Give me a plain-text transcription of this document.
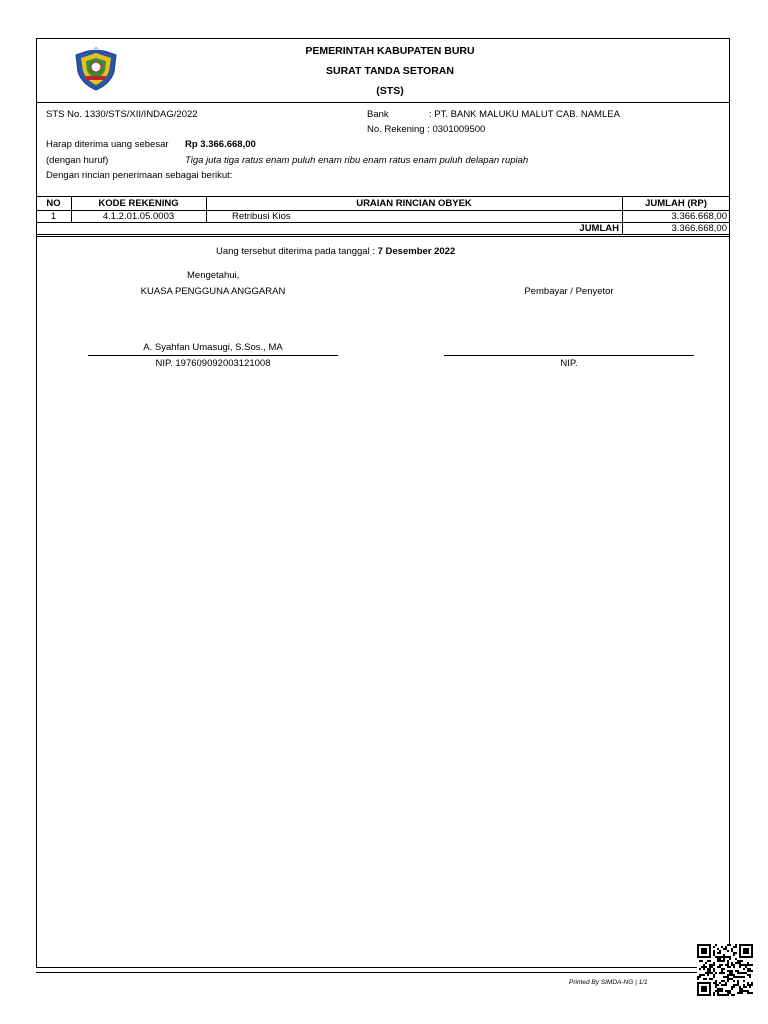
PEMERINTAH KABUPATEN BURU
SURAT TANDA SETORAN
(STS)
STS No. 1330/STS/XII/INDAG/2022	Bank	: PT. BANK MALUKU MALUT CAB. NAMLEA
No. Rekening : 0301009500
Harap diterima uang sebesar Rp 3.366.668,00
(dengan huruf)	Tiga juta tiga ratus enam puluh enam ribu enam ratus enam puluh delapan rupiah
Dengan rincian penerimaan sebagai berikut:
NO	KODE REKENING	URAIAN RINCIAN OBYEK	JUMLAH (RP)
1	4.1.2.01.05.0003	Retribusi Kios	3.366.668,00
JUMLAH	3.366.668,00
Uang tersebut diterima pada tanggal : 7 Desember 2022
Mengetahui,
KUASA PENGGUNA ANGGARAN
A. Syahfan Umasugi, S.Sos., MA
NIP. 197609092003121008
Pembayar / Penyetor
NIP.
Printed By SIMDA-NG | 1/1
